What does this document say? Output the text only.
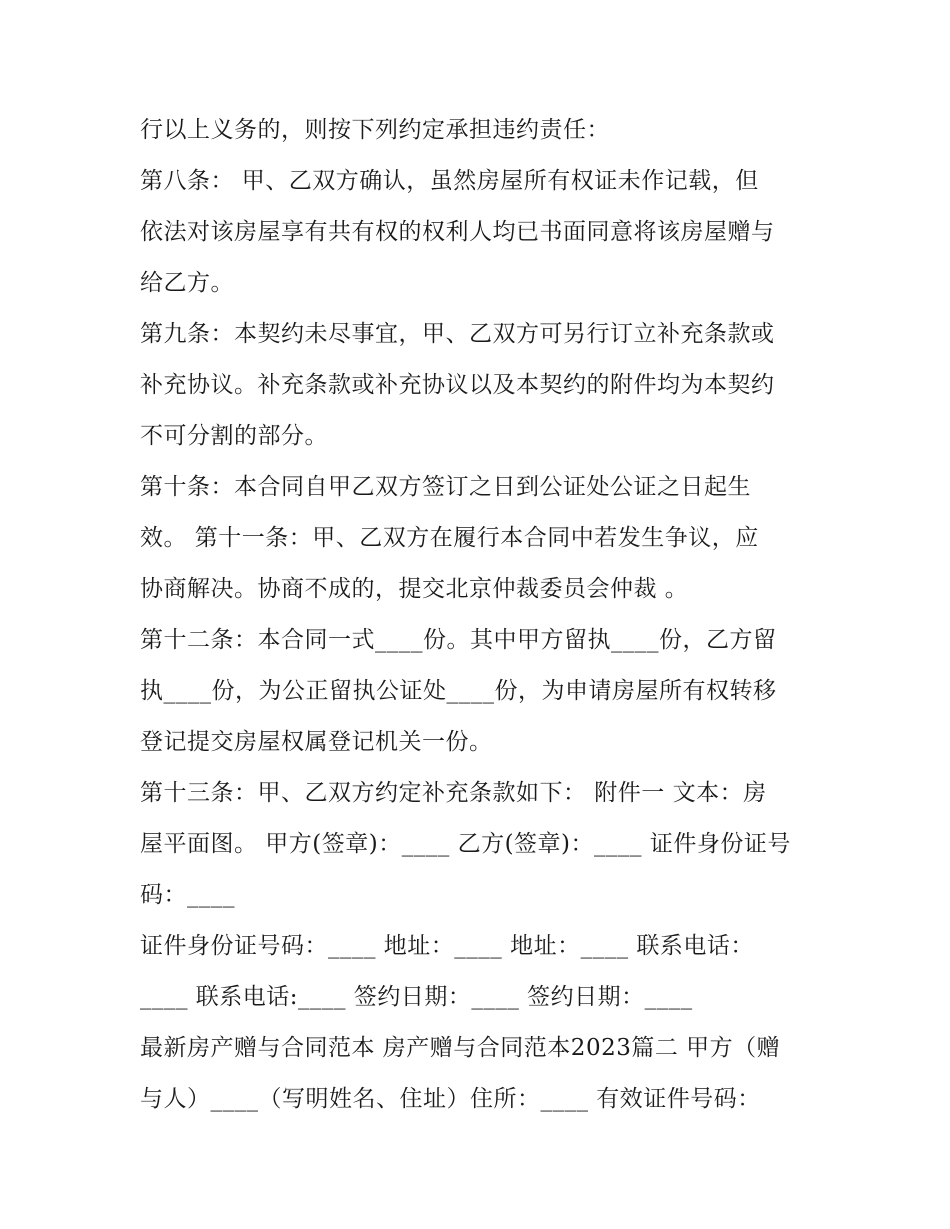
行以上义务的，则按下列约定承担违约责任：
第八条： 甲、乙双方确认，虽然房屋所有权证未作记载，但
依法对该房屋享有共有权的权利人均已书面同意将该房屋赠与
给乙方。
第九条：本契约未尽事宜，甲、乙双方可另行订立补充条款或
补充协议。补充条款或补充协议以及本契约的附件均为本契约
不可分割的部分。
第十条：本合同自甲乙双方签订之日到公证处公证之日起生
效。 第十一条：甲、乙双方在履行本合同中若发生争议，应
协商解决。协商不成的，提交北京仲裁委员会仲裁 。
第十二条：本合同一式____份。其中甲方留执____份，乙方留
执____份，为公正留执公证处____份，为申请房屋所有权转移
登记提交房屋权属登记机关一份。
第十三条：甲、乙双方约定补充条款如下： 附件一 文本：房
屋平面图。 甲方(签章)：____ 乙方(签章)：____ 证件身份证号
码：____
证件身份证号码：____ 地址：____ 地址：____ 联系电话：
____ 联系电话:____ 签约日期：____ 签约日期：____
最新房产赠与合同范本 房产赠与合同范本2023篇二 甲方（赠
与人）____（写明姓名、住址）住所：____ 有效证件号码：
